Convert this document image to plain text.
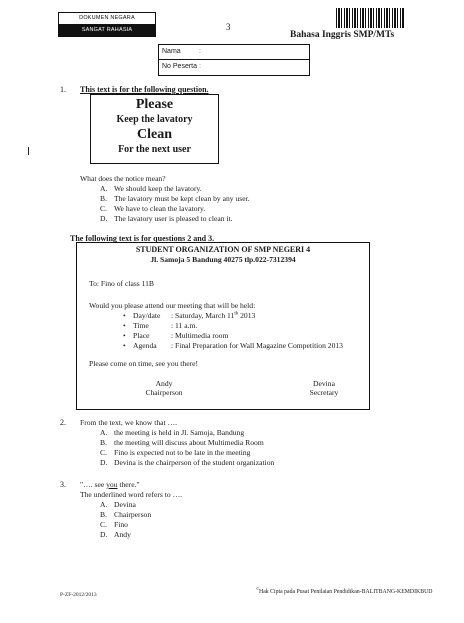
DOKUMEN NEGARA
SANGAT RAHASIA	3
Bahasa Inggris SMP/MTs
Nama	:
No Peserta :
1. This text is for the following question.
Please
Keep the lavatory
Clean
For the next user
What does the notice mean?
A. We should keep the lavatory.
B. The lavatory must be kept clean by any user.
C. We have to clean the lavatory.
D. The lavatory user is pleased to clean it.
The following text is for questions 2 and 3.
STUDENT ORGANIZATION OF SMP NEGERI 4
Jl. Samoja 5 Bandung 40275 tlp.022-7312394
To: Fino of class 11B
Would you please attend our meeting that will be held:
• Day/date : Saturday, March 11th 2013
• Time	: 11 a.m.
• Place	: Multimedia room
• Agenda : Final Preparation for Wall Magazine Competition 2013
Please come on time, see you there!
Andy
Chairperson
Devina
Secretary
2. From the text, we know that ….
A. the meeting is held in Jl. Samoja, Bandung
B. the meeting will discuss about Multimedia Room
C. Fino is expected not to be late in the meeting
D. Devina is the chairperson of the student organization
3. "…. see you there."
The underlined word refers to ….
A. Devina
B. Chairperson
C. Fino
D. Andy
P-ZF-2012/2013
©Hak Cipta pada Pusat Penilaian Pendidikan-BALITBANG-KEMDIKBUD
